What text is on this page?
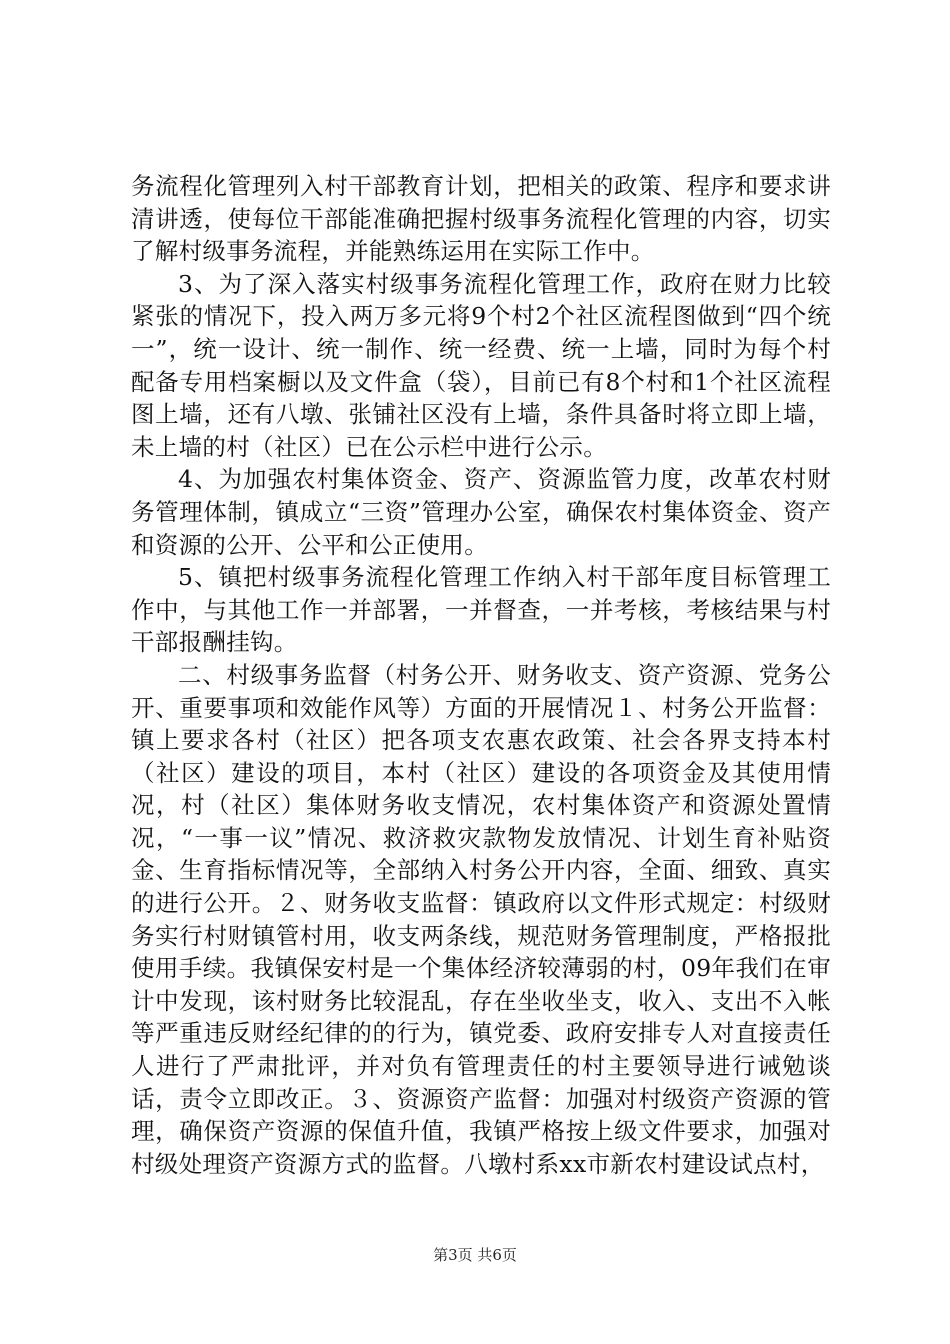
务流程化管理列入村干部教育计划，把相关的政策、程序和要求讲清讲透，使每位干部能准确把握村级事务流程化管理的内容，切实了解村级事务流程，并能熟练运用在实际工作中。

3、为了深入落实村级事务流程化管理工作，政府在财力比较紧张的情况下，投入两万多元将9个村2个社区流程图做到“四个统一”，统一设计、统一制作、统一经费、统一上墙，同时为每个村配备专用档案橱以及文件盒（袋），目前已有8个村和1个社区流程图上墙，还有八墩、张铺社区没有上墙，条件具备时将立即上墙，未上墙的村（社区）已在公示栏中进行公示。

4、为加强农村集体资金、资产、资源监管力度，改革农村财务管理体制，镇成立“三资”管理办公室，确保农村集体资金、资产和资源的公开、公平和公正使用。

5、镇把村级事务流程化管理工作纳入村干部年度目标管理工作中，与其他工作一并部署，一并督查，一并考核，考核结果与村干部报酬挂钩。

二、村级事务监督（村务公开、财务收支、资产资源、党务公开、重要事项和效能作风等）方面的开展情况１、村务公开监督：镇上要求各村（社区）把各项支农惠农政策、社会各界支持本村（社区）建设的项目，本村（社区）建设的各项资金及其使用情况，村（社区）集体财务收支情况，农村集体资产和资源处置情况，“一事一议”情况、救济救灾款物发放情况、计划生育补贴资金、生育指标情况等，全部纳入村务公开内容，全面、细致、真实的进行公开。２、财务收支监督：镇政府以文件形式规定：村级财务实行村财镇管村用，收支两条线，规范财务管理制度，严格报批使用手续。我镇保安村是一个集体经济较薄弱的村，09年我们在审计中发现，该村财务比较混乱，存在坐收坐支，收入、支出不入帐等严重违反财经纪律的的行为，镇党委、政府安排专人对直接责任人进行了严肃批评，并对负有管理责任的村主要领导进行诫勉谈话，责令立即改正。３、资源资产监督：加强对村级资产资源的管理，确保资产资源的保值升值，我镇严格按上级文件要求，加强对村级处理资产资源方式的监督。八墩村系xx市新农村建设试点村，

第3页 共6页
